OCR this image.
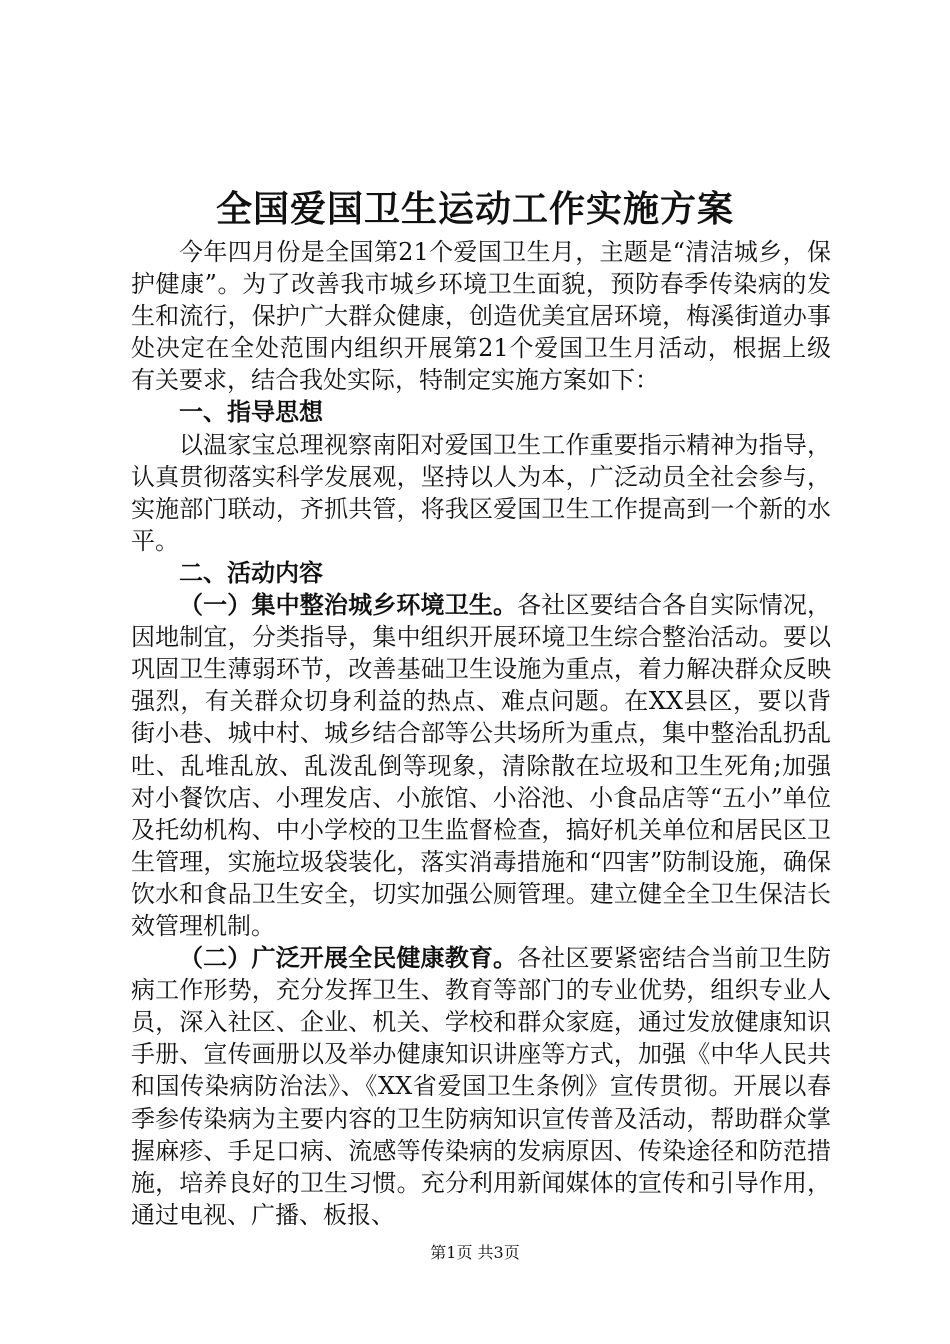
全国爱国卫生运动工作实施方案

今年四月份是全国第21个爱国卫生月，主题是“清洁城乡，保护健康”。为了改善我市城乡环境卫生面貌，预防春季传染病的发生和流行，保护广大群众健康，创造优美宜居环境，梅溪街道办事处决定在全处范围内组织开展第21个爱国卫生月活动，根据上级有关要求，结合我处实际，特制定实施方案如下：

一、指导思想

以温家宝总理视察南阳对爱国卫生工作重要指示精神为指导，认真贯彻落实科学发展观，坚持以人为本，广泛动员全社会参与，实施部门联动，齐抓共管，将我区爱国卫生工作提高到一个新的水平。

二、活动内容

（一）集中整治城乡环境卫生。各社区要结合各自实际情况，因地制宜，分类指导，集中组织开展环境卫生综合整治活动。要以巩固卫生薄弱环节，改善基础卫生设施为重点，着力解决群众反映强烈，有关群众切身利益的热点、难点问题。在XX县区，要以背街小巷、城中村、城乡结合部等公共场所为重点，集中整治乱扔乱吐、乱堆乱放、乱泼乱倒等现象，清除散在垃圾和卫生死角;加强对小餐饮店、小理发店、小旅馆、小浴池、小食品店等“五小”单位及托幼机构、中小学校的卫生监督检查，搞好机关单位和居民区卫生管理，实施垃圾袋装化，落实消毒措施和“四害”防制设施，确保饮水和食品卫生安全，切实加强公厕管理。建立健全全卫生保洁长效管理机制。

（二）广泛开展全民健康教育。各社区要紧密结合当前卫生防病工作形势，充分发挥卫生、教育等部门的专业优势，组织专业人员，深入社区、企业、机关、学校和群众家庭，通过发放健康知识手册、宣传画册以及举办健康知识讲座等方式，加强《中华人民共和国传染病防治法》、《XX省爱国卫生条例》宣传贯彻。开展以春季参传染病为主要内容的卫生防病知识宣传普及活动，帮助群众掌握麻疹、手足口病、流感等传染病的发病原因、传染途径和防范措施，培养良好的卫生习惯。充分利用新闻媒体的宣传和引导作用，通过电视、广播、板报、

第1页 共3页
